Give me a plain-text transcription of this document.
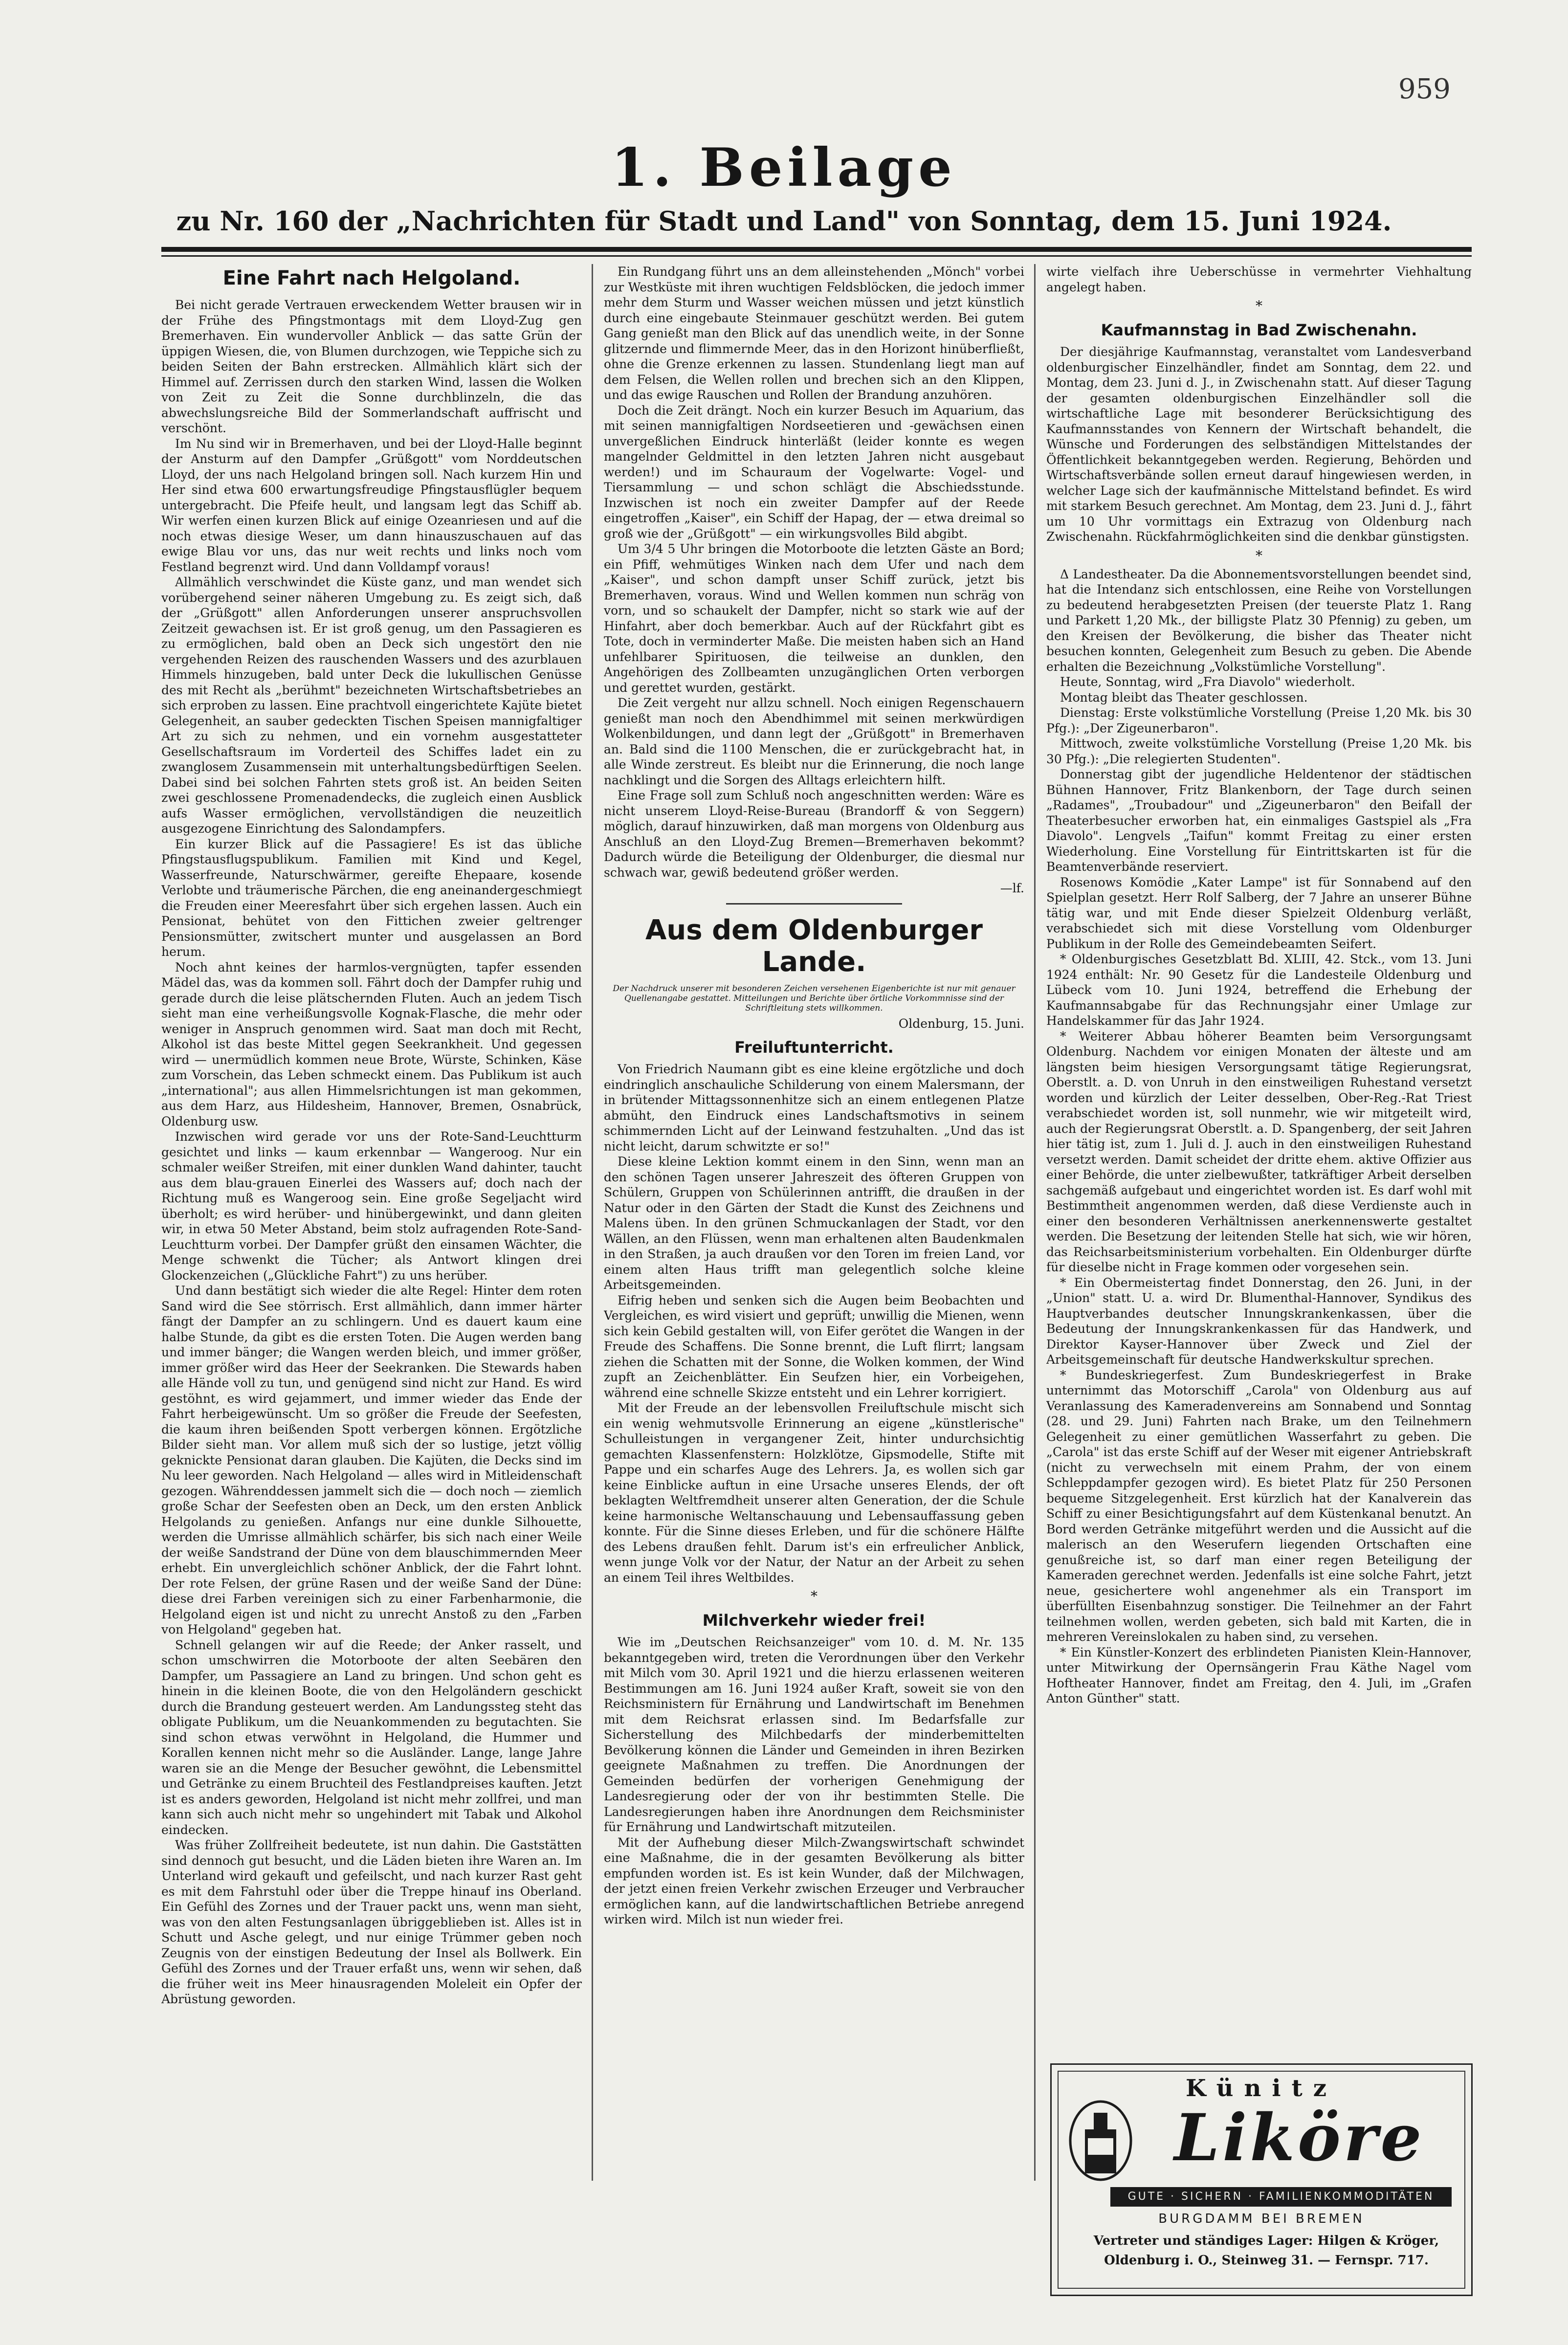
959
1. Beilage
zu Nr. 160 der „Nachrichten für Stadt und Land" von Sonntag, dem 15. Juni 1924.
Eine Fahrt nach Helgoland.

Bei nicht gerade Vertrauen erweckendem Wetter brausen wir in der Frühe des Pfingstmontags mit dem Lloyd-Zug gen Bremerhaven. Ein wundervoller Anblick — das satte Grün der üppigen Wiesen, die, von Blumen durchzogen, wie Teppiche sich zu beiden Seiten der Bahn erstrecken. Allmählich klärt sich der Himmel auf. Zerrissen durch den starken Wind, lassen die Wolken von Zeit zu Zeit die Sonne durchblinzeln, die das abwechslungsreiche Bild der Sommerlandschaft auffrischt und verschönt.

Im Nu sind wir in Bremerhaven, und bei der Lloyd-Halle beginnt der Ansturm auf den Dampfer „Grüßgott" vom Norddeutschen Lloyd, der uns nach Helgoland bringen soll. Nach kurzem Hin und Her sind etwa 600 erwartungsfreudige Pfingstausflügler bequem untergebracht. Die Pfeife heult, und langsam legt das Schiff ab. Wir werfen einen kurzen Blick auf einige Ozeanriesen und auf die noch etwas diesige Weser, um dann hinauszuschauen auf das ewige Blau vor uns, das nur weit rechts und links noch vom Festland begrenzt wird. Und dann Volldampf voraus!

Allmählich verschwindet die Küste ganz, und man wendet sich vorübergehend seiner näheren Umgebung zu. Es zeigt sich, daß der „Grüßgott" allen Anforderungen unserer anspruchsvollen Zeitzeit gewachsen ist. Er ist groß genug, um den Passagieren es zu ermöglichen, bald oben an Deck sich ungestört den nie vergehenden Reizen des rauschenden Wassers und des azurblauen Himmels hinzugeben, bald unter Deck die lukullischen Genüsse des mit Recht als „berühmt" bezeichneten Wirtschaftsbetriebes an sich erproben zu lassen. Eine prachtvoll eingerichtete Kajüte bietet Gelegenheit, an sauber gedeckten Tischen Speisen mannigfaltiger Art zu sich zu nehmen, und ein vornehm ausgestatteter Gesellschaftsraum im Vorderteil des Schiffes ladet ein zu zwanglosem Zusammensein mit unterhaltungsbedürftigen Seelen. Dabei sind bei solchen Fahrten stets groß ist. An beiden Seiten zwei geschlossene Promenadendecks, die zugleich einen Ausblick aufs Wasser ermöglichen, vervollständigen die neuzeitlich ausgezogene Einrichtung des Salondampfers.

Ein kurzer Blick auf die Passagiere! Es ist das übliche Pfingstausflugspublikum. Familien mit Kind und Kegel, Wasserfreunde, Naturschwärmer, gereifte Ehepaare, kosende Verlobte und träumerische Pärchen, die eng aneinandergeschmiegt die Freuden einer Meeresfahrt über sich ergehen lassen. Auch ein Pensionat, behütet von den Fittichen zweier geltrenger Pensionsmütter, zwitschert munter und ausgelassen an Bord herum.

Noch ahnt keines der harmlos-vergnügten, tapfer essenden Mädel das, was da kommen soll. Fährt doch der Dampfer ruhig und gerade durch die leise plätschernden Fluten. Auch an jedem Tisch sieht man eine verheißungsvolle Kognak-Flasche, die mehr oder weniger in Anspruch genommen wird. Saat man doch mit Recht, Alkohol ist das beste Mittel gegen Seekrankheit. Und gegessen wird — unermüdlich kommen neue Brote, Würste, Schinken, Käse zum Vorschein, das Leben schmeckt einem. Das Publikum ist auch „international"; aus allen Himmelsrichtungen ist man gekommen, aus dem Harz, aus Hildesheim, Hannover, Bremen, Osnabrück, Oldenburg usw.

Inzwischen wird gerade vor uns der Rote-Sand-Leuchtturm gesichtet und links — kaum erkennbar — Wangeroog. Nur ein schmaler weißer Streifen, mit einer dunklen Wand dahinter, taucht aus dem blau-grauen Einerlei des Wassers auf; doch nach der Richtung muß es Wangeroog sein. Eine große Segeljacht wird überholt; es wird herüber- und hinübergewinkt, und dann gleiten wir, in etwa 50 Meter Abstand, beim stolz aufragenden Rote-Sand-Leuchtturm vorbei. Der Dampfer grüßt den einsamen Wächter, die Menge schwenkt die Tücher; als Antwort klingen drei Glockenzeichen („Glückliche Fahrt") zu uns herüber.

Und dann bestätigt sich wieder die alte Regel: Hinter dem roten Sand wird die See störrisch. Erst allmählich, dann immer härter fängt der Dampfer an zu schlingern. Und es dauert kaum eine halbe Stunde, da gibt es die ersten Toten. Die Augen werden bang und immer bänger; die Wangen werden bleich, und immer größer, immer größer wird das Heer der Seekranken. Die Stewards haben alle Hände voll zu tun, und genügend sind nicht zur Hand. Es wird gestöhnt, es wird gejammert, und immer wieder das Ende der Fahrt herbeigewünscht. Um so größer die Freude der Seefesten, die kaum ihren beißenden Spott verbergen können. Ergötzliche Bilder sieht man. Vor allem muß sich der so lustige, jetzt völlig geknickte Pensionat daran glauben. Die Kajüten, die Decks sind im Nu leer geworden. Nach Helgoland — alles wird in Mitleidenschaft gezogen. Währenddessen jammelt sich die — doch noch — ziemlich große Schar der Seefesten oben an Deck, um den ersten Anblick Helgolands zu genießen. Anfangs nur eine dunkle Silhouette, werden die Umrisse allmählich schärfer, bis sich nach einer Weile der weiße Sandstrand der Düne von dem blauschimmernden Meer erhebt. Ein unvergleichlich schöner Anblick, der die Fahrt lohnt. Der rote Felsen, der grüne Rasen und der weiße Sand der Düne: diese drei Farben vereinigen sich zu einer Farbenharmonie, die Helgoland eigen ist und nicht zu unrecht Anstoß zu den „Farben von Helgoland" gegeben hat.

Schnell gelangen wir auf die Reede; der Anker rasselt, und schon umschwirren die Motorboote der alten Seebären den Dampfer, um Passagiere an Land zu bringen. Und schon geht es hinein in die kleinen Boote, die von den Helgoländern geschickt durch die Brandung gesteuert werden. Am Landungssteg steht das obligate Publikum, um die Neuankommenden zu begutachten. Sie sind schon etwas verwöhnt in Helgoland, die Hummer und Korallen kennen nicht mehr so die Ausländer. Lange, lange Jahre waren sie an die Menge der Besucher gewöhnt, die Lebensmittel und Getränke zu einem Bruchteil des Festlandpreises kauften. Jetzt ist es anders geworden, Helgoland ist nicht mehr zollfrei, und man kann sich auch nicht mehr so ungehindert mit Tabak und Alkohol eindecken.

Was früher Zollfreiheit bedeutete, ist nun dahin. Die Gaststätten sind dennoch gut besucht, und die Läden bieten ihre Waren an. Im Unterland wird gekauft und gefeilscht, und nach kurzer Rast geht es mit dem Fahrstuhl oder über die Treppe hinauf ins Oberland. Ein Gefühl des Zornes und der Trauer packt uns, wenn man sieht, was von den alten Festungsanlagen übriggeblieben ist. Alles ist in Schutt und Asche gelegt, und nur einige Trümmer geben noch Zeugnis von der einstigen Bedeutung der Insel als Bollwerk. Ein Gefühl des Zornes und der Trauer erfaßt uns, wenn wir sehen, daß die früher weit ins Meer hinausragenden Moleleit ein Opfer der Abrüstung geworden.

Ein Rundgang führt uns an dem alleinstehenden „Mönch" vorbei zur Westküste mit ihren wuchtigen Feldsblöcken, die jedoch immer mehr dem Sturm und Wasser weichen müssen und jetzt künstlich durch eine eingebaute Steinmauer geschützt werden. Bei gutem Gang genießt man den Blick auf das unendlich weite, in der Sonne glitzernde und flimmernde Meer, das in den Horizont hinüberfließt, ohne die Grenze erkennen zu lassen. Stundenlang liegt man auf dem Felsen, die Wellen rollen und brechen sich an den Klippen, und das ewige Rauschen und Rollen der Brandung anzuhören.

Doch die Zeit drängt. Noch ein kurzer Besuch im Aquarium, das mit seinen mannigfaltigen Nordseetieren und -gewächsen einen unvergeßlichen Eindruck hinterläßt (leider konnte es wegen mangelnder Geldmittel in den letzten Jahren nicht ausgebaut werden!) und im Schauraum der Vogelwarte: Vogel- und Tiersammlung — und schon schlägt die Abschiedsstunde. Inzwischen ist noch ein zweiter Dampfer auf der Reede eingetroffen „Kaiser", ein Schiff der Hapag, der — etwa dreimal so groß wie der „Grüßgott" — ein wirkungsvolles Bild abgibt.

Um 3/4 5 Uhr bringen die Motorboote die letzten Gäste an Bord; ein Pfiff, wehmütiges Winken nach dem Ufer und nach dem „Kaiser", und schon dampft unser Schiff zurück, jetzt bis Bremerhaven, voraus. Wind und Wellen kommen nun schräg von vorn, und so schaukelt der Dampfer, nicht so stark wie auf der Hinfahrt, aber doch bemerkbar. Auch auf der Rückfahrt gibt es Tote, doch in verminderter Maße. Die meisten haben sich an Hand unfehlbarer Spirituosen, die teilweise an dunklen, den Angehörigen des Zollbeamten unzugänglichen Orten verborgen und gerettet wurden, gestärkt.

Die Zeit vergeht nur allzu schnell. Noch einigen Regenschauern genießt man noch den Abendhimmel mit seinen merkwürdigen Wolkenbildungen, und dann legt der „Grüßgott" in Bremerhaven an. Bald sind die 1100 Menschen, die er zurückgebracht hat, in alle Winde zerstreut. Es bleibt nur die Erinnerung, die noch lange nachklingt und die Sorgen des Alltags erleichtern hilft.

Eine Frage soll zum Schluß noch angeschnitten werden: Wäre es nicht unserem Lloyd-Reise-Bureau (Brandorff & von Seggern) möglich, darauf hinzuwirken, daß man morgens von Oldenburg aus Anschluß an den Lloyd-Zug Bremen—Bremerhaven bekommt? Dadurch würde die Beteiligung der Oldenburger, die diesmal nur schwach war, gewiß bedeutend größer werden.

—lf.
Aus dem Oldenburger Lande.

Der Nachdruck unserer mit besonderen Zeichen versehenen Eigenberichte ist nur mit genauer Quellenangabe gestattet. Mitteilungen und Berichte über örtliche Vorkommnisse sind der Schriftleitung stets willkommen.

Oldenburg, 15. Juni.
Freiluftunterricht.

Von Friedrich Naumann gibt es eine kleine ergötzliche und doch eindringlich anschauliche Schilderung von einem Malersmann, der in brütender Mittagssonnenhitze sich an einem entlegenen Platze abmüht, den Eindruck eines Landschaftsmotivs in seinem schimmernden Licht auf der Leinwand festzuhalten. „Und das ist nicht leicht, darum schwitzte er so!"

Diese kleine Lektion kommt einem in den Sinn, wenn man an den schönen Tagen unserer Jahreszeit des öfteren Gruppen von Schülern, Gruppen von Schülerinnen antrifft, die draußen in der Natur oder in den Gärten der Stadt die Kunst des Zeichnens und Malens üben. In den grünen Schmuckanlagen der Stadt, vor den Wällen, an den Flüssen, wenn man erhaltenen alten Baudenkmalen in den Straßen, ja auch draußen vor den Toren im freien Land, vor einem alten Haus trifft man gelegentlich solche kleine Arbeitsgemeinden.

Eifrig heben und senken sich die Augen beim Beobachten und Vergleichen, es wird visiert und geprüft; unwillig die Mienen, wenn sich kein Gebild gestalten will, von Eifer gerötet die Wangen in der Freude des Schaffens. Die Sonne brennt, die Luft flirrt; langsam ziehen die Schatten mit der Sonne, die Wolken kommen, der Wind zupft an Zeichenblätter. Ein Seufzen hier, ein Vorbeigehen, während eine schnelle Skizze entsteht und ein Lehrer korrigiert.

Mit der Freude an der lebensvollen Freiluftschule mischt sich ein wenig wehmutsvolle Erinnerung an eigene „künstlerische" Schulleistungen in vergangener Zeit, hinter undurchsichtig gemachten Klassenfenstern: Holzklötze, Gipsmodelle, Stifte mit Pappe und ein scharfes Auge des Lehrers. Ja, es wollen sich gar keine Einblicke auftun in eine Ursache unseres Elends, der oft beklagten Weltfremdheit unserer alten Generation, der die Schule keine harmonische Weltanschauung und Lebensauffassung geben konnte. Für die Sinne dieses Erleben, und für die schönere Hälfte des Lebens draußen fehlt. Darum ist's ein erfreulicher Anblick, wenn junge Volk vor der Natur, der Natur an der Arbeit zu sehen an einem Teil ihres Weltbildes.

*
Milchverkehr wieder frei!

Wie im „Deutschen Reichsanzeiger" vom 10. d. M. Nr. 135 bekanntgegeben wird, treten die Verordnungen über den Verkehr mit Milch vom 30. April 1921 und die hierzu erlassenen weiteren Bestimmungen am 16. Juni 1924 außer Kraft, soweit sie von den Reichsministern für Ernährung und Landwirtschaft im Benehmen mit dem Reichsrat erlassen sind. Im Bedarfsfalle zur Sicherstellung des Milchbedarfs der minderbemittelten Bevölkerung können die Länder und Gemeinden in ihren Bezirken geeignete Maßnahmen zu treffen. Die Anordnungen der Gemeinden bedürfen der vorherigen Genehmigung der Landesregierung oder der von ihr bestimmten Stelle. Die Landesregierungen haben ihre Anordnungen dem Reichsminister für Ernährung und Landwirtschaft mitzuteilen.

Mit der Aufhebung dieser Milch-Zwangswirtschaft schwindet eine Maßnahme, die in der gesamten Bevölkerung als bitter empfunden worden ist. Es ist kein Wunder, daß der Milchwagen, der jetzt einen freien Verkehr zwischen Erzeuger und Verbraucher ermöglichen kann, auf die landwirtschaftlichen Betriebe anregend wirken wird. Milch ist nun wieder frei.

wirte vielfach ihre Ueberschüsse in vermehrter Viehhaltung angelegt haben.

*
Kaufmannstag in Bad Zwischenahn.

Der diesjährige Kaufmannstag, veranstaltet vom Landesverband oldenburgischer Einzelhändler, findet am Sonntag, dem 22. und Montag, dem 23. Juni d. J., in Zwischenahn statt. Auf dieser Tagung der gesamten oldenburgischen Einzelhändler soll die wirtschaftliche Lage mit besonderer Berücksichtigung des Kaufmannsstandes von Kennern der Wirtschaft behandelt, die Wünsche und Forderungen des selbständigen Mittelstandes der Öffentlichkeit bekanntgegeben werden. Regierung, Behörden und Wirtschaftsverbände sollen erneut darauf hingewiesen werden, in welcher Lage sich der kaufmännische Mittelstand befindet. Es wird mit starkem Besuch gerechnet. Am Montag, dem 23. Juni d. J., fährt um 10 Uhr vormittags ein Extrazug von Oldenburg nach Zwischenahn. Rückfahrmöglichkeiten sind die denkbar günstigsten.

*

Δ Landestheater. Da die Abonnementsvorstellungen beendet sind, hat die Intendanz sich entschlossen, eine Reihe von Vorstellungen zu bedeutend herabgesetzten Preisen (der teuerste Platz 1. Rang und Parkett 1,20 Mk., der billigste Platz 30 Pfennig) zu geben, um den Kreisen der Bevölkerung, die bisher das Theater nicht besuchen konnten, Gelegenheit zum Besuch zu geben. Die Abende erhalten die Bezeichnung „Volkstümliche Vorstellung".

Heute, Sonntag, wird „Fra Diavolo" wiederholt.

Montag bleibt das Theater geschlossen.

Dienstag: Erste volkstümliche Vorstellung (Preise 1,20 Mk. bis 30 Pfg.): „Der Zigeunerbaron".

Mittwoch, zweite volkstümliche Vorstellung (Preise 1,20 Mk. bis 30 Pfg.): „Die relegierten Studenten".

Donnerstag gibt der jugendliche Heldentenor der städtischen Bühnen Hannover, Fritz Blankenborn, der Tage durch seinen „Radames", „Troubadour" und „Zigeunerbaron" den Beifall der Theaterbesucher erworben hat, ein einmaliges Gastspiel als „Fra Diavolo". Lengvels „Taifun" kommt Freitag zu einer ersten Wiederholung. Eine Vorstellung für Eintrittskarten ist für die Beamtenverbände reserviert.

Rosenows Komödie „Kater Lampe" ist für Sonnabend auf den Spielplan gesetzt. Herr Rolf Salberg, der 7 Jahre an unserer Bühne tätig war, und mit Ende dieser Spielzeit Oldenburg verläßt, verabschiedet sich mit diese Vorstellung vom Oldenburger Publikum in der Rolle des Gemeindebeamten Seifert.

* Oldenburgisches Gesetzblatt Bd. XLIII, 42. Stck., vom 13. Juni 1924 enthält: Nr. 90 Gesetz für die Landesteile Oldenburg und Lübeck vom 10. Juni 1924, betreffend die Erhebung der Kaufmannsabgabe für das Rechnungsjahr einer Umlage zur Handelskammer für das Jahr 1924.

* Weiterer Abbau höherer Beamten beim Versorgungsamt Oldenburg. Nachdem vor einigen Monaten der älteste und am längsten beim hiesigen Versorgungsamt tätige Regierungsrat, Oberstlt. a. D. von Unruh in den einstweiligen Ruhestand versetzt worden und kürzlich der Leiter desselben, Ober-Reg.-Rat Triest verabschiedet worden ist, soll nunmehr, wie wir mitgeteilt wird, auch der Regierungsrat Oberstlt. a. D. Spangenberg, der seit Jahren hier tätig ist, zum 1. Juli d. J. auch in den einstweiligen Ruhestand versetzt werden. Damit scheidet der dritte ehem. aktive Offizier aus einer Behörde, die unter zielbewußter, tatkräftiger Arbeit derselben sachgemäß aufgebaut und eingerichtet worden ist. Es darf wohl mit Bestimmtheit angenommen werden, daß diese Verdienste auch in einer den besonderen Verhältnissen anerkennenswerte gestaltet werden. Die Besetzung der leitenden Stelle hat sich, wie wir hören, das Reichsarbeitsministerium vorbehalten. Ein Oldenburger dürfte für dieselbe nicht in Frage kommen oder vorgesehen sein.

* Ein Obermeistertag findet Donnerstag, den 26. Juni, in der „Union" statt. U. a. wird Dr. Blumenthal-Hannover, Syndikus des Hauptverbandes deutscher Innungskrankenkassen, über die Bedeutung der Innungskrankenkassen für das Handwerk, und Direktor Kayser-Hannover über Zweck und Ziel der Arbeitsgemeinschaft für deutsche Handwerkskultur sprechen.

* Bundeskriegerfest. Zum Bundeskriegerfest in Brake unternimmt das Motorschiff „Carola" von Oldenburg aus auf Veranlassung des Kameradenvereins am Sonnabend und Sonntag (28. und 29. Juni) Fahrten nach Brake, um den Teilnehmern Gelegenheit zu einer gemütlichen Wasserfahrt zu geben. Die „Carola" ist das erste Schiff auf der Weser mit eigener Antriebskraft (nicht zu verwechseln mit einem Prahm, der von einem Schleppdampfer gezogen wird). Es bietet Platz für 250 Personen bequeme Sitzgelegenheit. Erst kürzlich hat der Kanalverein das Schiff zu einer Besichtigungsfahrt auf dem Küstenkanal benutzt. An Bord werden Getränke mitgeführt werden und die Aussicht auf die malerisch an den Weserufern liegenden Ortschaften eine genußreiche ist, so darf man einer regen Beteiligung der Kameraden gerechnet werden. Jedenfalls ist eine solche Fahrt, jetzt neue, gesichertere wohl angenehmer als ein Transport im überfüllten Eisenbahnzug sonstiger. Die Teilnehmer an der Fahrt teilnehmen wollen, werden gebeten, sich bald mit Karten, die in mehreren Vereinslokalen zu haben sind, zu versehen.

* Ein Künstler-Konzert des erblindeten Pianisten Klein-Hannover, unter Mitwirkung der Opernsängerin Frau Käthe Nagel vom Hoftheater Hannover, findet am Freitag, den 4. Juli, im „Grafen Anton Günther" statt.

Künitz
Liköre
GUTE · SICHERN · FAMILIENKOMMODITÄTEN
BURGDAMM BEI BREMEN
Vertreter und ständiges Lager: Hilgen & Kröger,
Oldenburg i. O., Steinweg 31. — Fernspr. 717.
